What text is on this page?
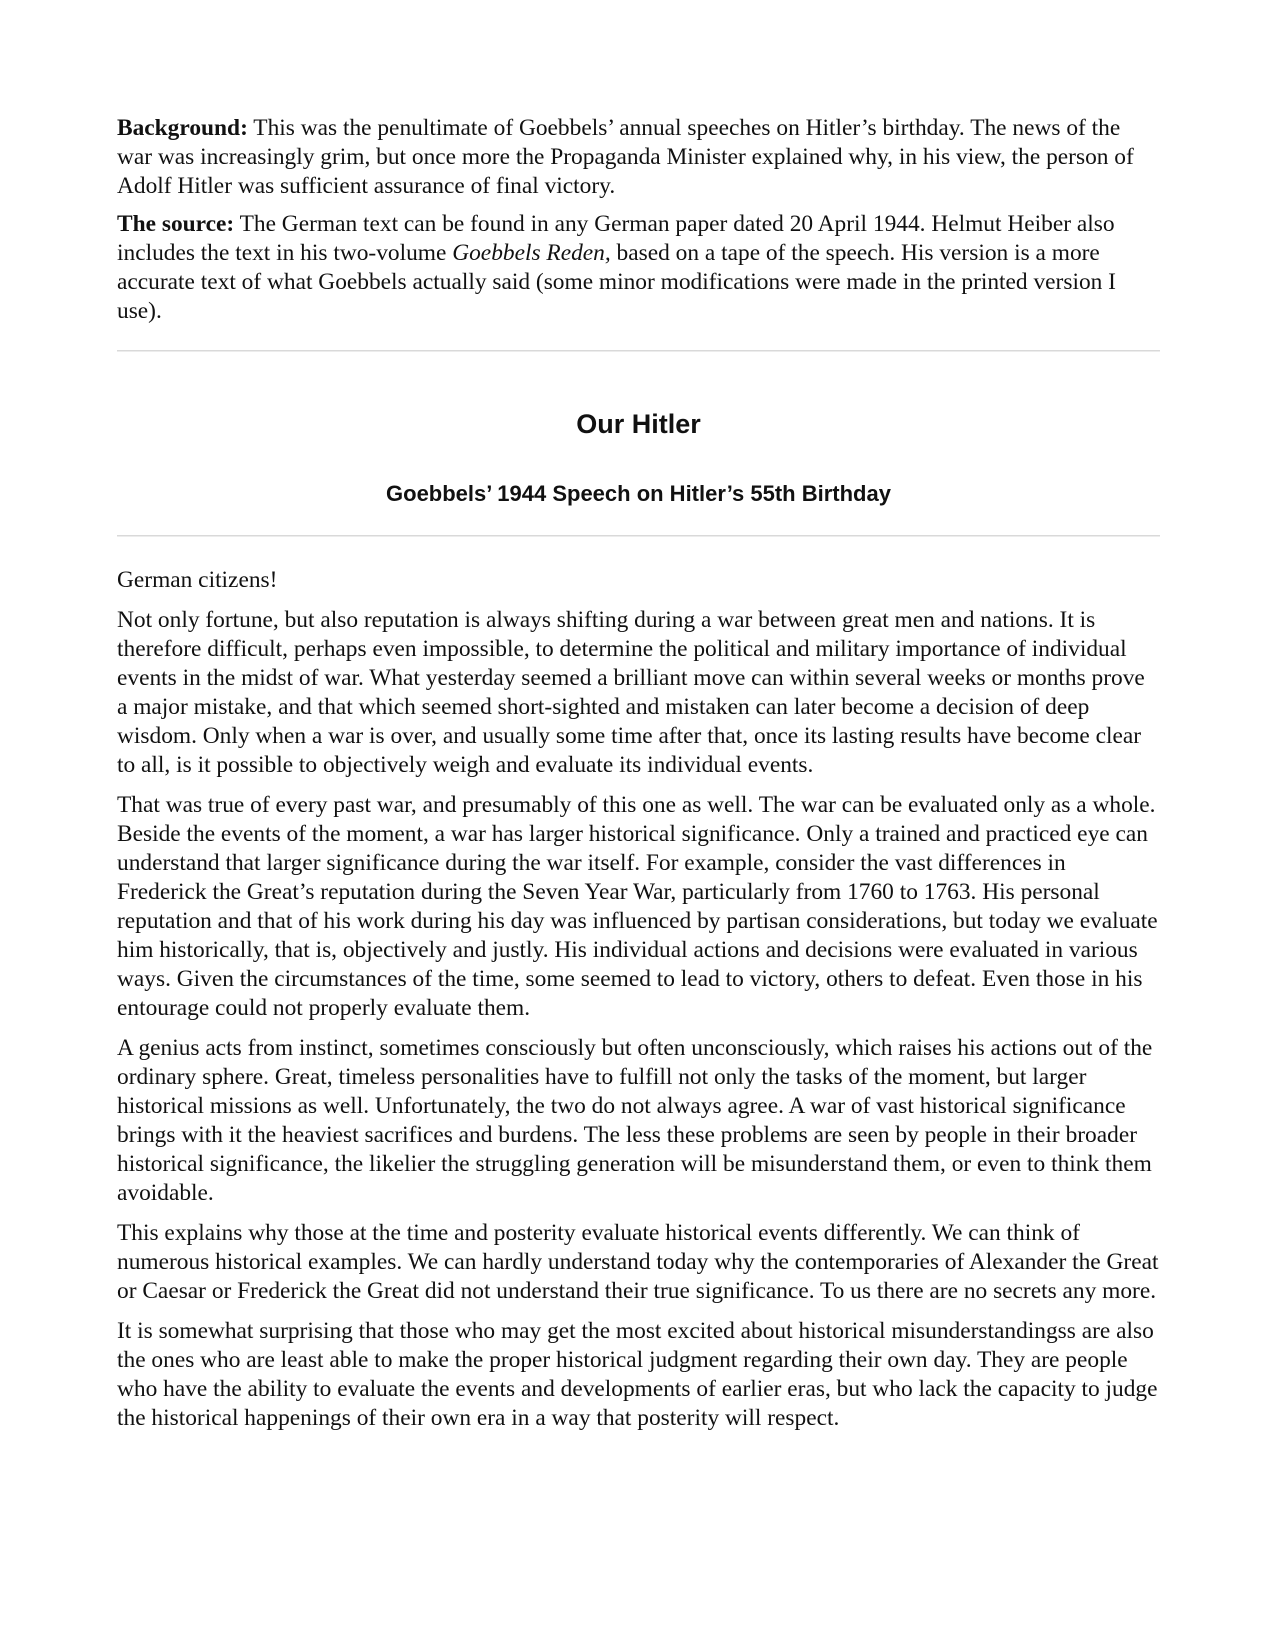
Background: This was the penultimate of Goebbels’ annual speeches on Hitler’s birthday. The news of the war was increasingly grim, but once more the Propaganda Minister explained why, in his view, the person of Adolf Hitler was sufficient assurance of final victory.

The source: The German text can be found in any German paper dated 20 April 1944. Helmut Heiber also includes the text in his two-volume Goebbels Reden, based on a tape of the speech. His version is a more accurate text of what Goebbels actually said (some minor modifications were made in the printed version I use).

Our Hitler
Goebbels’ 1944 Speech on Hitler’s 55th Birthday

German citizens!

Not only fortune, but also reputation is always shifting during a war between great men and nations. It is therefore difficult, perhaps even impossible, to determine the political and military importance of individual events in the midst of war. What yesterday seemed a brilliant move can within several weeks or months prove a major mistake, and that which seemed short-sighted and mistaken can later become a decision of deep wisdom. Only when a war is over, and usually some time after that, once its lasting results have become clear to all, is it possible to objectively weigh and evaluate its individual events.

That was true of every past war, and presumably of this one as well. The war can be evaluated only as a whole. Beside the events of the moment, a war has larger historical significance. Only a trained and practiced eye can understand that larger significance during the war itself. For example, consider the vast differences in Frederick the Great’s reputation during the Seven Year War, particularly from 1760 to 1763. His personal reputation and that of his work during his day was influenced by partisan considerations, but today we evaluate him historically, that is, objectively and justly. His individual actions and decisions were evaluated in various ways. Given the circumstances of the time, some seemed to lead to victory, others to defeat. Even those in his entourage could not properly evaluate them.

A genius acts from instinct, sometimes consciously but often unconsciously, which raises his actions out of the ordinary sphere. Great, timeless personalities have to fulfill not only the tasks of the moment, but larger historical missions as well. Unfortunately, the two do not always agree. A war of vast historical significance brings with it the heaviest sacrifices and burdens. The less these problems are seen by people in their broader historical significance, the likelier the struggling generation will be misunderstand them, or even to think them avoidable.

This explains why those at the time and posterity evaluate historical events differently. We can think of numerous historical examples. We can hardly understand today why the contemporaries of Alexander the Great or Caesar or Frederick the Great did not understand their true significance. To us there are no secrets any more.

It is somewhat surprising that those who may get the most excited about historical misunderstandingss are also the ones who are least able to make the proper historical judgment regarding their own day. They are people who have the ability to evaluate the events and developments of earlier eras, but who lack the capacity to judge the historical happenings of their own era in a way that posterity will respect.
